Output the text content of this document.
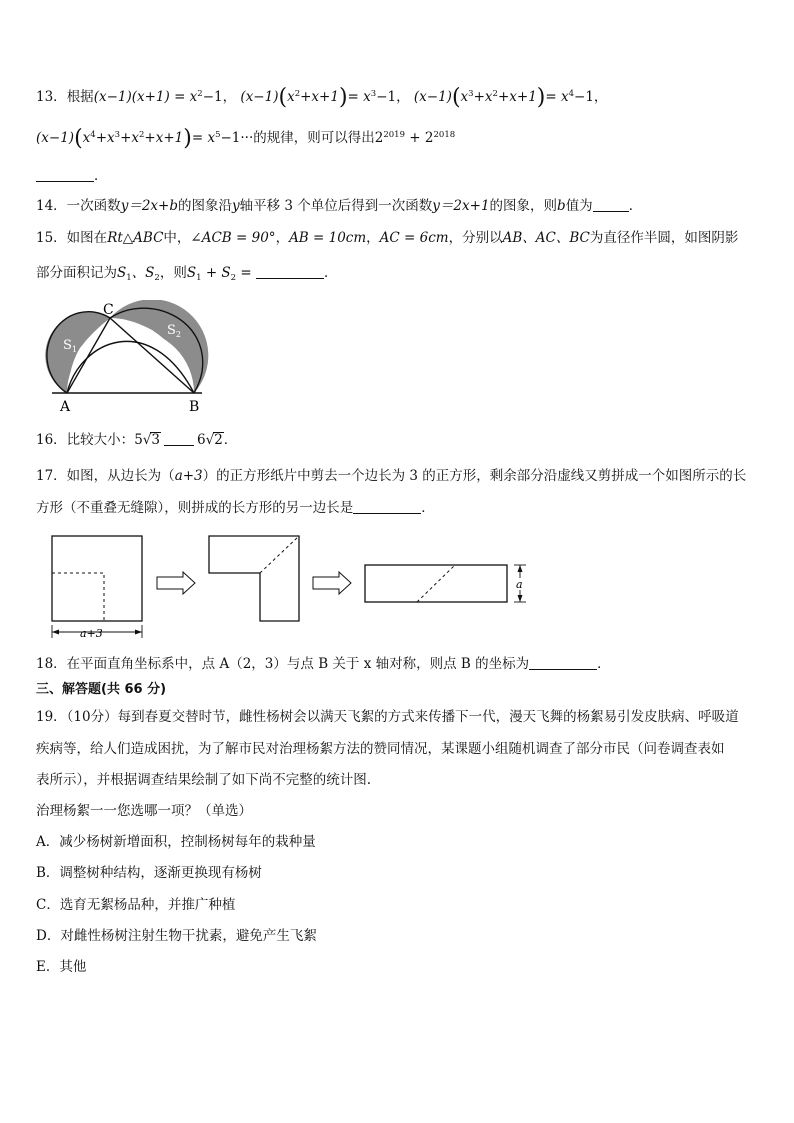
13．根据$(x-1)(x+1) = x^2-1$， $(x-1)(x^2+x+1)= x^3-1$， $(x-1)(x^3+x^2+x+1)= x^4-1$，
$(x-1)(x^4+x^3+x^2+x+1)= x^5-1\cdot\cdot\cdot$的规律，则可以得出$2^{2019} + 2^{2018}$
．
14．一次函数y＝2x+b的图象沿y轴平移 3 个单位后得到一次函数y＝2x+1的图象，则b值为	．
15．如图在Rt△ABC中，∠ACB = 90°，AB = 10cm，AC = 6cm，分别以AB、AC、BC为直径作半圆，如图阴影
部分面积记为$S_1$、$S_2$，则$S_1 + S_2$ =	．
C
A	B
$S_1$
$S_2$
16．比较大小：5√3	6√2．
17．如图，从边长为（a+3）的正方形纸片中剪去一个边长为 3 的正方形，剩余部分沿虚线又剪拼成一个如图所示的长
方形（不重叠无缝隙），则拼成的长方形的另一边长是	．
a+3
a
18．在平面直角坐标系中，点 A（2，3）与点 B 关于 x 轴对称，则点 B 的坐标为	．
三、解答题(共 66 分)
19．（10分）每到春夏交替时节，雌性杨树会以满天飞絮的方式来传播下一代，漫天飞舞的杨絮易引发皮肤病、呼吸道
疾病等，给人们造成困扰，为了解市民对治理杨絮方法的赞同情况，某课题小组随机调查了部分市民（问卷调查表如
表所示），并根据调查结果绘制了如下尚不完整的统计图.
治理杨絮一一您选哪一项？（单选）
A．减少杨树新增面积，控制杨树每年的栽种量
B．调整树种结构，逐渐更换现有杨树
C．选育无絮杨品种，并推广种植
D．对雌性杨树注射生物干扰素，避免产生飞絮
E．其他
